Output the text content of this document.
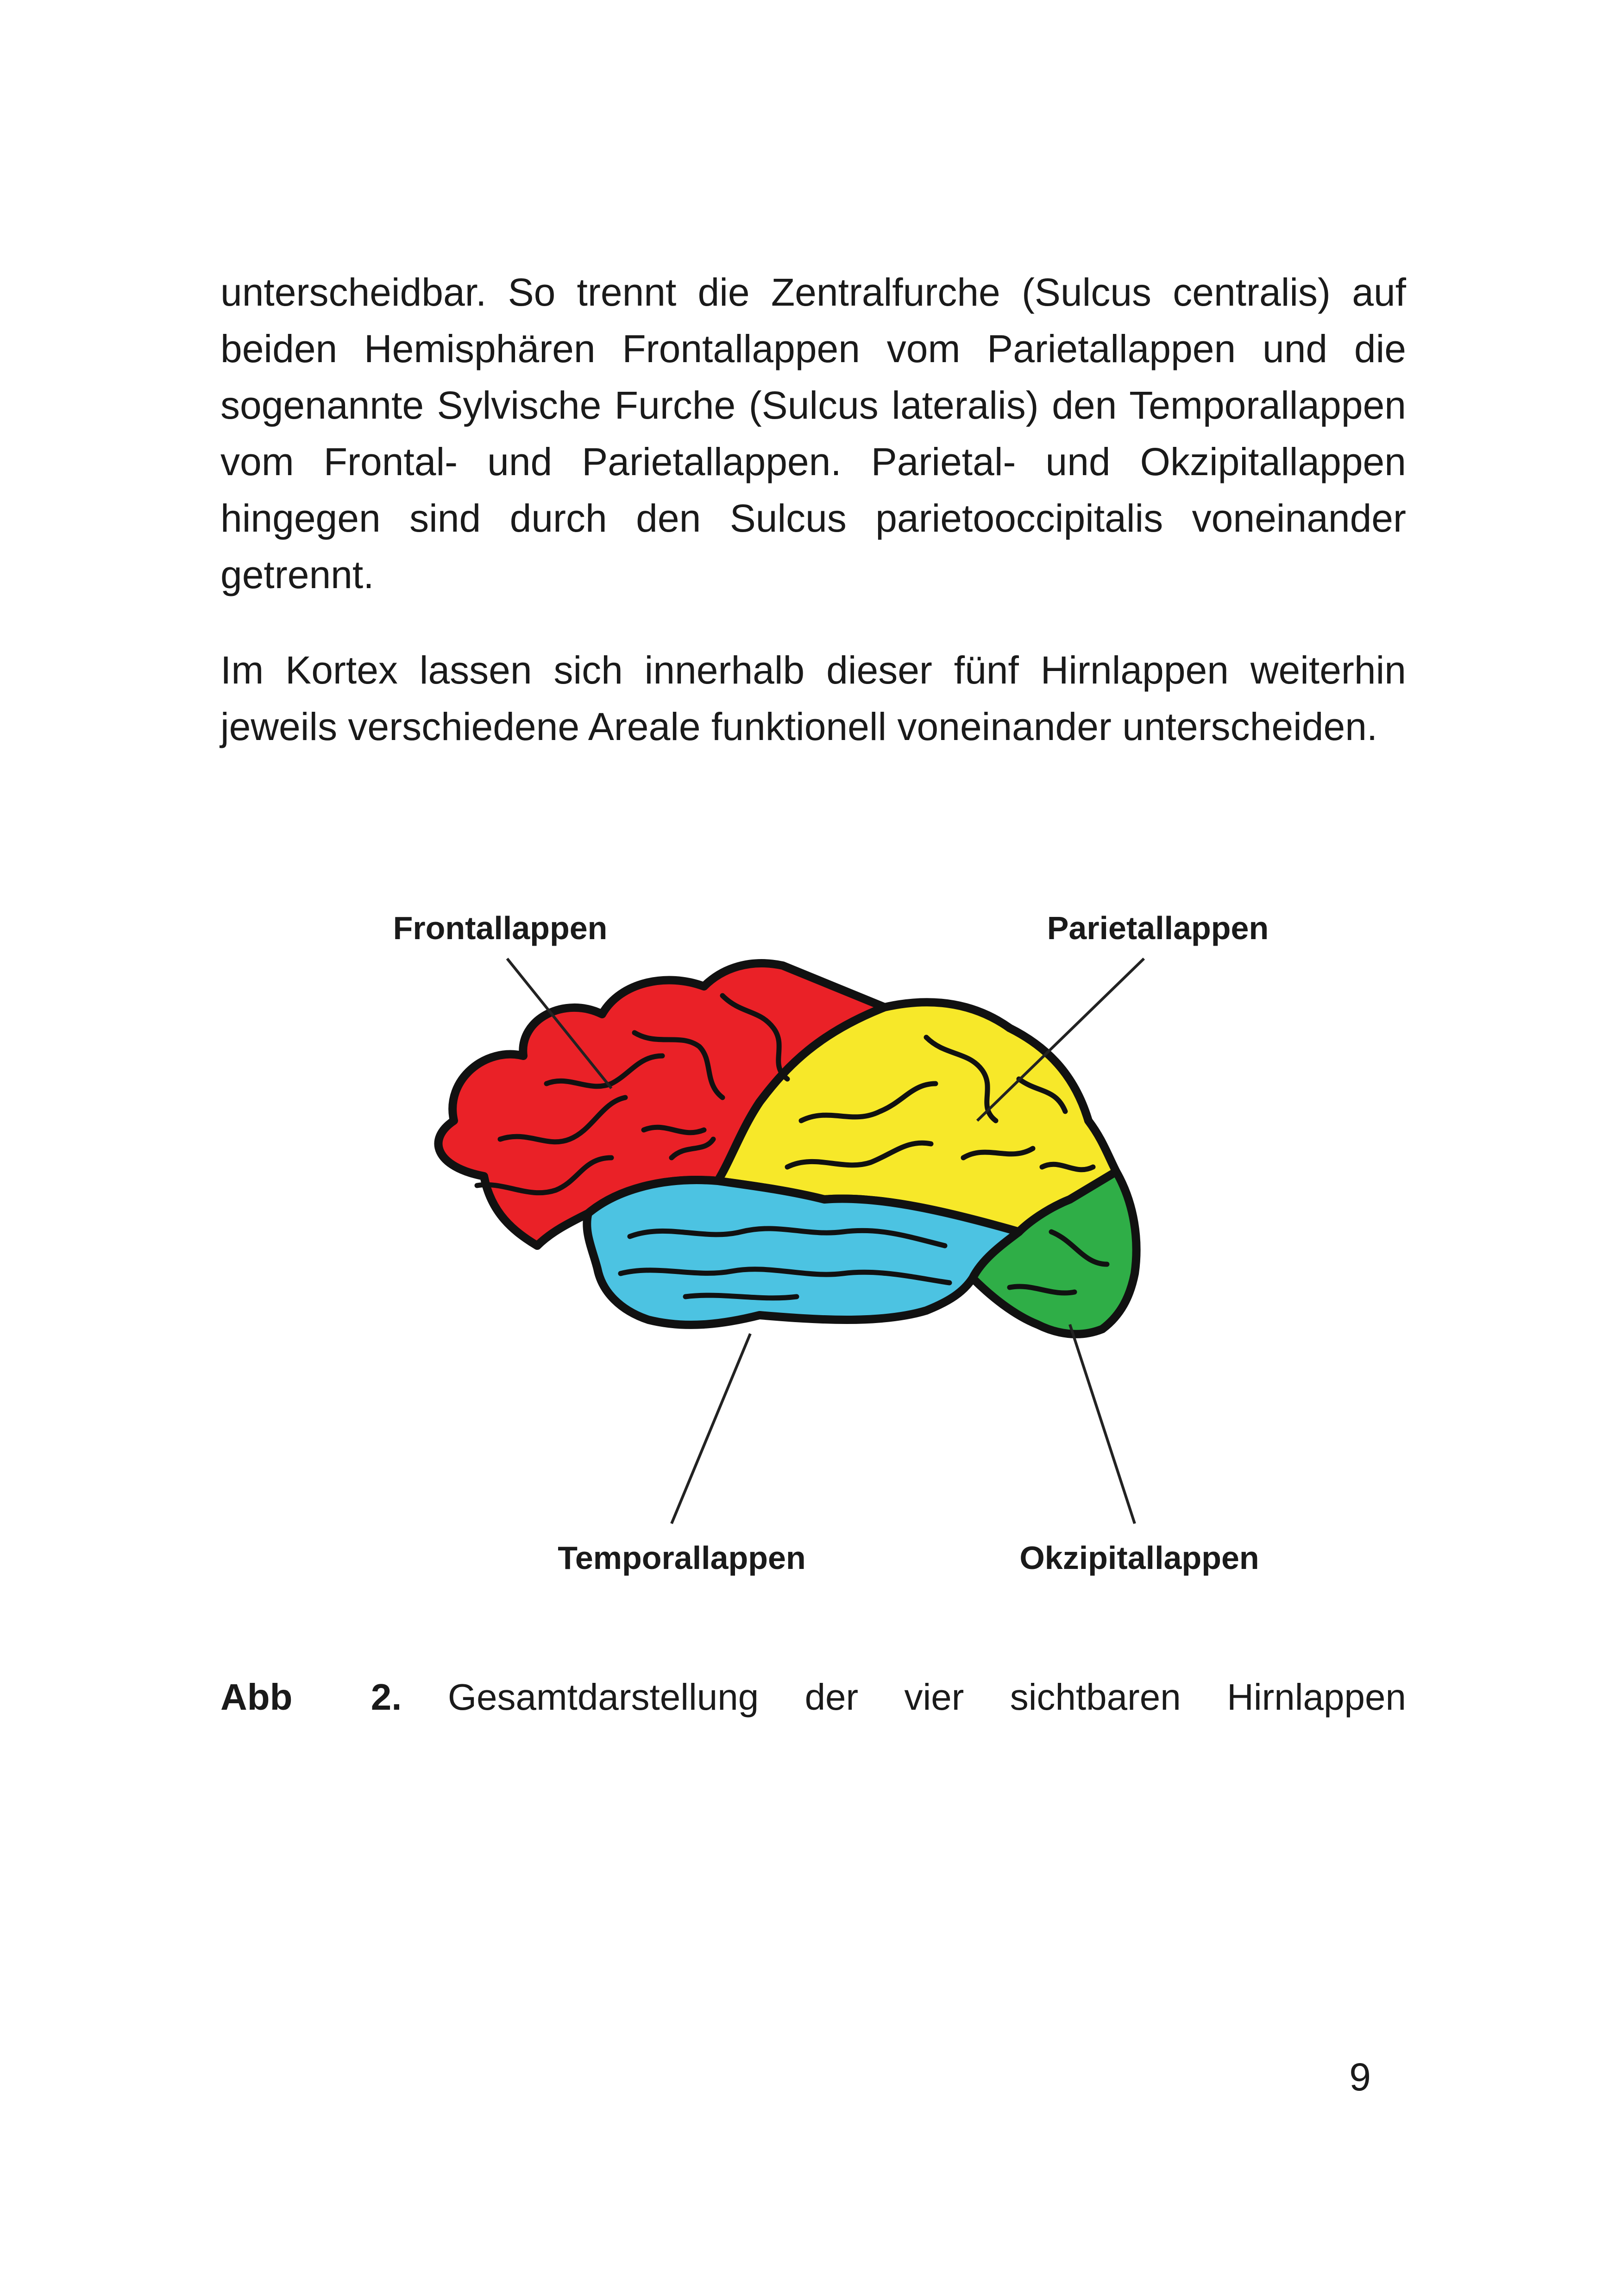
unterscheidbar. So trennt die Zentralfurche (Sulcus centralis) auf beiden Hemisphären Frontallappen vom Parietallappen und die sogenannte Sylvische Furche (Sulcus lateralis) den Temporallappen vom Frontal- und Parietallappen. Parietal- und Okzipitallappen hingegen sind durch den Sulcus parietooccipitalis voneinander getrennt.

Im Kortex lassen sich innerhalb dieser fünf Hirnlappen weiterhin jeweils verschiedene Areale funktionell voneinander unterscheiden.

Frontallappen	Parietallappen
Temporallappen	Okzipitallappen

Abb 2. Gesamtdarstellung der vier sichtbaren Hirnlappen

9
